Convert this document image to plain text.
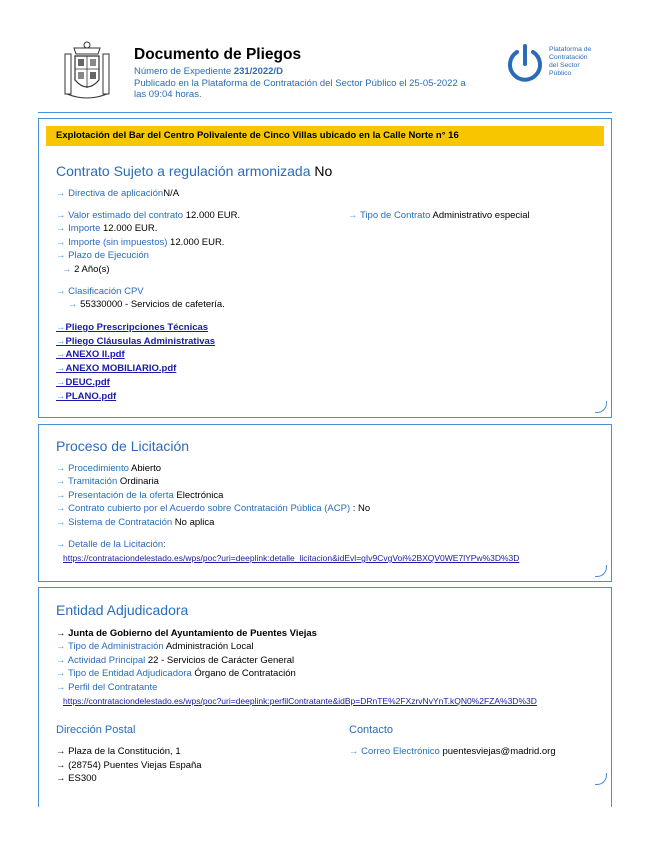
Documento de Pliegos
Número de Expediente 231/2022/D
Publicado en la Plataforma de Contratación del Sector Público el 25-05-2022 a
las 09:04 horas.
Plataforma de
Contratación
del Sector
Público
Explotación del Bar del Centro Polivalente de Cinco Villas ubicado en la Calle Norte n° 16
Contrato Sujeto a regulación armonizada No
→ Directiva de aplicaciónN/A
→ Valor estimado del contrato 12.000 EUR.	→ Tipo de Contrato Administrativo especial
→ Importe 12.000 EUR.
→ Importe (sin impuestos) 12.000 EUR.
→ Plazo de Ejecución
→ 2 Año(s)
→ Clasificación CPV
→ 55330000 - Servicios de cafetería.
→Pliego Prescripciones Técnicas
→Pliego Cláusulas Administrativas
→ANEXO II.pdf
→ANEXO MOBILIARIO.pdf
→DEUC.pdf
→PLANO.pdf
Proceso de Licitación
→ Procedimiento Abierto
→ Tramitación Ordinaria
→ Presentación de la oferta Electrónica
→ Contrato cubierto por el Acuerdo sobre Contratación Pública (ACP) : No
→ Sistema de Contratación No aplica
→ Detalle de la Licitación:
https://contrataciondelestado.es/wps/poc?uri=deeplink:detalle_licitacion&idEvl=gIv9CvgVoi%2BXQV0WE7lYPw%3D%3D
Entidad Adjudicadora
→ Junta de Gobierno del Ayuntamiento de Puentes Viejas
→ Tipo de Administración Administración Local
→ Actividad Principal 22 - Servicios de Carácter General
→ Tipo de Entidad Adjudicadora Órgano de Contratación
→ Perfil del Contratante
https://contrataciondelestado.es/wps/poc?uri=deeplink:perfilContratante&idBp=DRnTE%2FXzrvNvYnT.kQN0%2FZA%3D%3D
Dirección Postal	Contacto
→ Plaza de la Constitución, 1
→ (28754) Puentes Viejas España
→ ES300
→ Correo Electrónico puentesviejas@madrid.org
